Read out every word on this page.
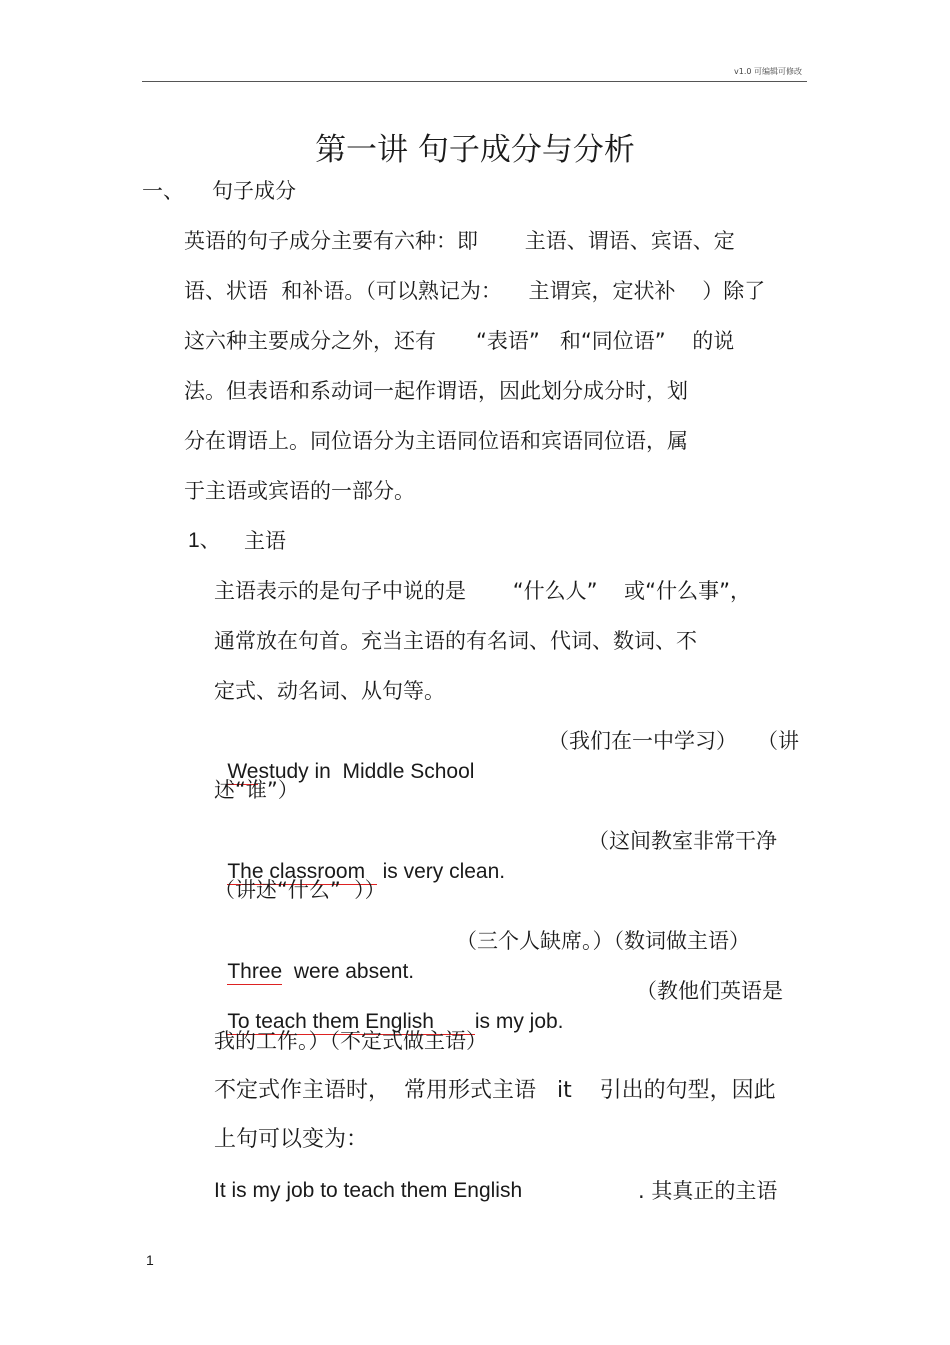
v1.0 可编辑可修改
第一讲 句子成分与分析
一、 句子成分
英语的句子成分主要有六种：即       主语、谓语、宾语、定
语、状语  和补语。（可以熟记为：    主谓宾，定状补    ）除了
这六种主要成分之外，还有      “表语”   和“同位语”    的说
法。但表语和系动词一起作谓语，因此划分成分时，划
分在谓语上。同位语分为主语同位语和宾语同位语，属
于主语或宾语的一部分。
1、 主语
主语表示的是句子中说的是       “什么人”    或“什么事”，
通常放在句首。充当主语的有名词、代词、数词、不
定式、动名词、从句等。

Westudy in  Middle School

（我们在一中学习）   （讲
述“谁”）

The classroom   is very clean.

（这间教室非常干净
（讲述“什么”  ））

Three  were absent.

（三个人缺席。）（数词做主语）

To teach them English       is my job.

（教他们英语是
我的工作。）（不定式做主语）
不定式作主语时，  常用形式主语   it    引出的句型，因此
上句可以变为：
It is my job to teach them English	. 其真正的主语
1
